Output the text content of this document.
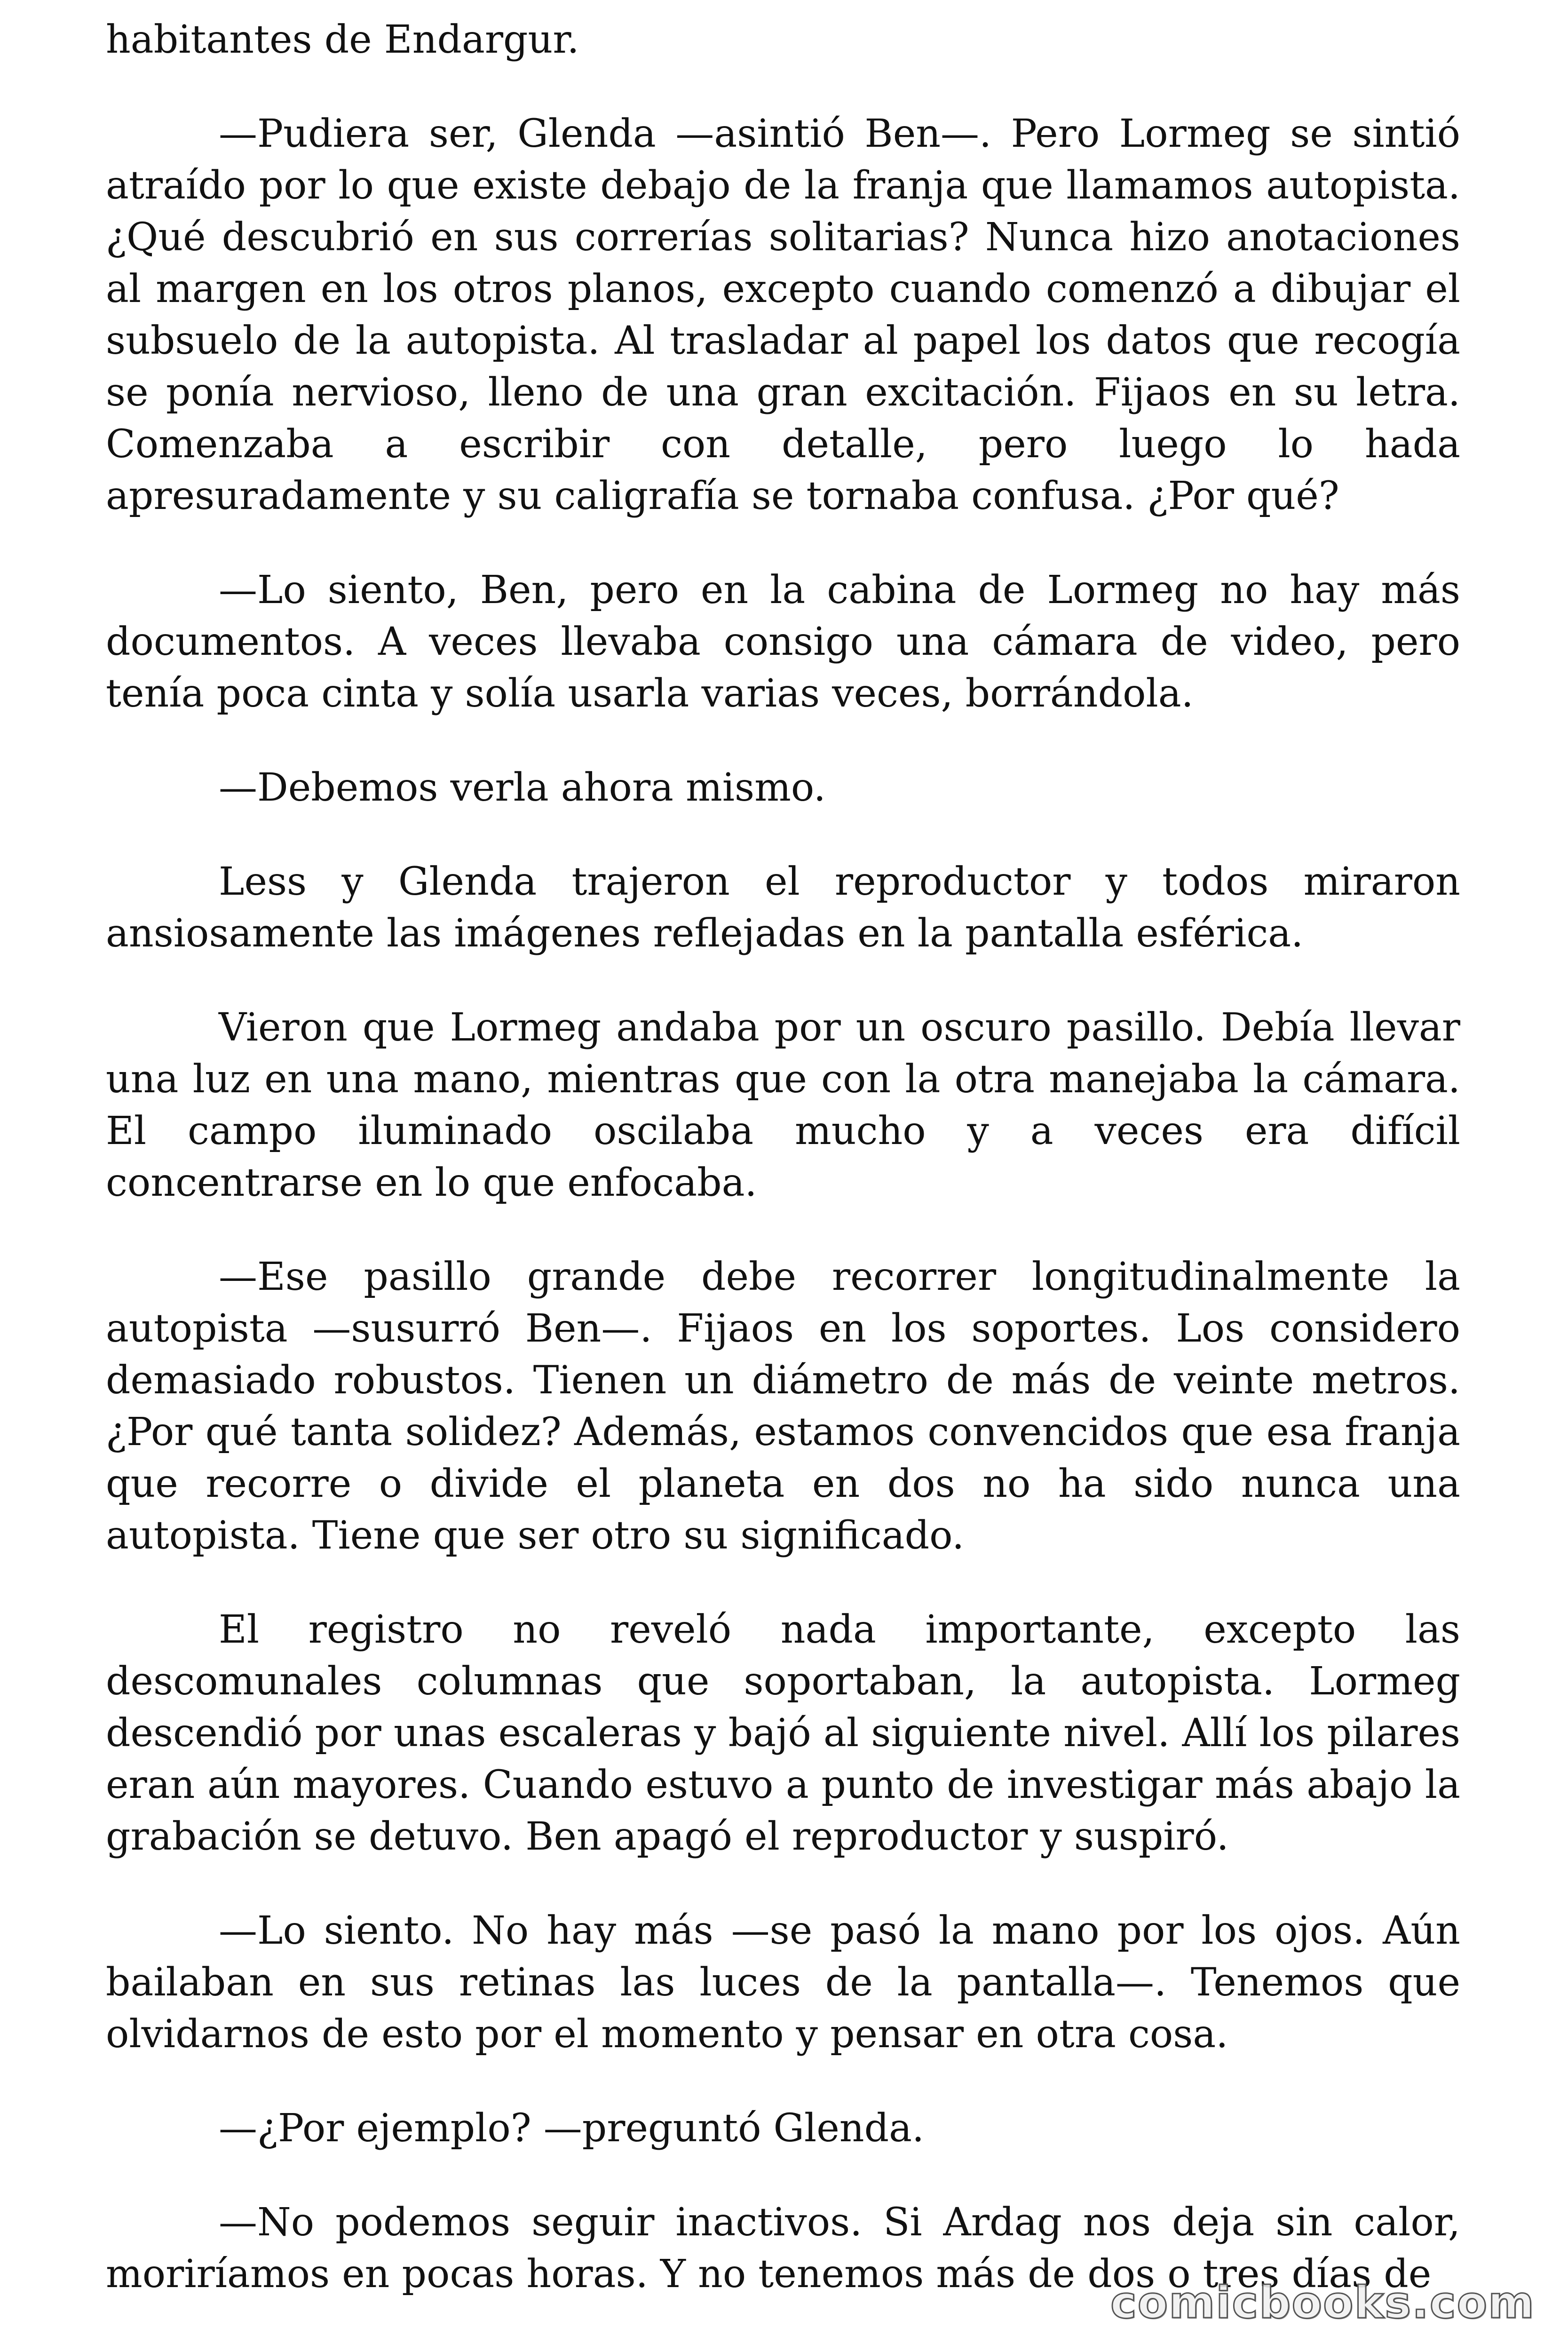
habitantes de Endargur.

—Pudiera ser, Glenda —asintió Ben—. Pero Lormeg se sintió atraído por lo que existe debajo de la franja que llamamos autopista. ¿Qué descubrió en sus correrías solitarias? Nunca hizo anotaciones al margen en los otros planos, excepto cuando comenzó a dibujar el subsuelo de la autopista. Al trasladar al papel los datos que recogía se ponía nervioso, lleno de una gran excitación. Fijaos en su letra. Comenzaba a escribir con detalle, pero luego lo hada apresuradamente y su caligrafía se tornaba confusa. ¿Por qué?

—Lo siento, Ben, pero en la cabina de Lormeg no hay más documentos. A veces llevaba consigo una cámara de video, pero tenía poca cinta y solía usarla varias veces, borrándola.

—Debemos verla ahora mismo.

Less y Glenda trajeron el reproductor y todos miraron ansiosamente las imágenes reflejadas en la pantalla esférica.

Vieron que Lormeg andaba por un oscuro pasillo. Debía llevar una luz en una mano, mientras que con la otra manejaba la cámara. El campo iluminado oscilaba mucho y a veces era difícil concentrarse en lo que enfocaba.

—Ese pasillo grande debe recorrer longitudinalmente la autopista —susurró Ben—. Fijaos en los soportes. Los considero demasiado robustos. Tienen un diámetro de más de veinte metros. ¿Por qué tanta solidez? Además, estamos convencidos que esa franja que recorre o divide el planeta en dos no ha sido nunca una autopista. Tiene que ser otro su significado.

El registro no reveló nada importante, excepto las descomunales columnas que soportaban, la autopista. Lormeg descendió por unas escaleras y bajó al siguiente nivel. Allí los pilares eran aún mayores. Cuando estuvo a punto de investigar más abajo la grabación se detuvo. Ben apagó el reproductor y suspiró.

—Lo siento. No hay más —se pasó la mano por los ojos. Aún bailaban en sus retinas las luces de la pantalla—. Tenemos que olvidarnos de esto por el momento y pensar en otra cosa.

—¿Por ejemplo? —preguntó Glenda.

—No podemos seguir inactivos. Si Ardag nos deja sin calor, moriríamos en pocas horas. Y no tenemos más de dos o tres días de

comicbooks.com
